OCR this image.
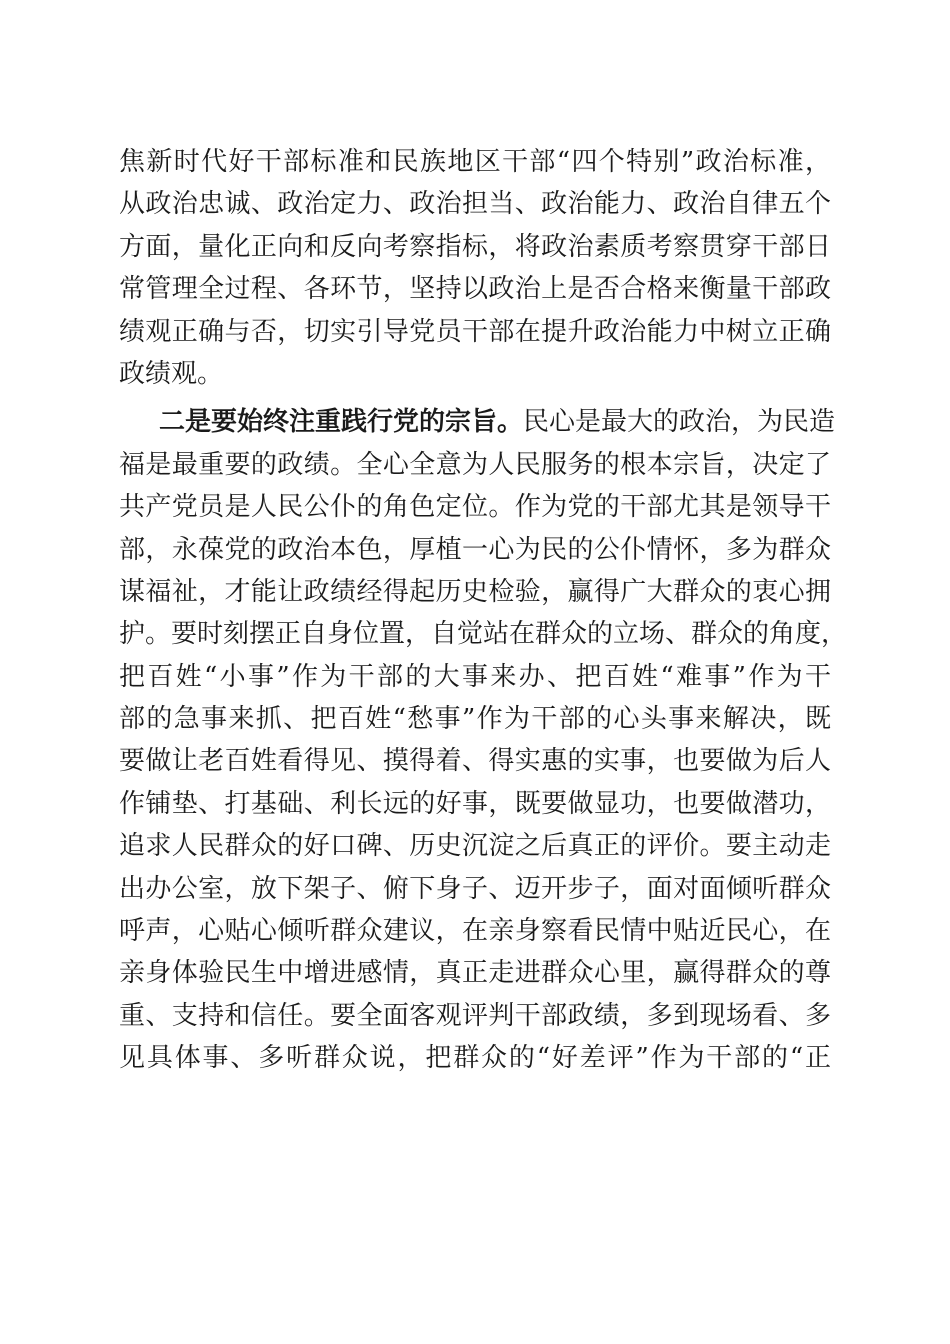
焦新时代好干部标准和民族地区干部“四个特别”政治标准，
从政治忠诚、政治定力、政治担当、政治能力、政治自律五个
方面，量化正向和反向考察指标，将政治素质考察贯穿干部日
常管理全过程、各环节，坚持以政治上是否合格来衡量干部政
绩观正确与否，切实引导党员干部在提升政治能力中树立正确
政绩观。
二是要始终注重践行党的宗旨。民心是最大的政治，为民造
福是最重要的政绩。全心全意为人民服务的根本宗旨，决定了
共产党员是人民公仆的角色定位。作为党的干部尤其是领导干
部，永葆党的政治本色，厚植一心为民的公仆情怀，多为群众
谋福祉，才能让政绩经得起历史检验，赢得广大群众的衷心拥
护。要时刻摆正自身位置，自觉站在群众的立场、群众的角度，
把百姓“小事”作为干部的大事来办、把百姓“难事”作为干
部的急事来抓、把百姓“愁事”作为干部的心头事来解决，既
要做让老百姓看得见、摸得着、得实惠的实事，也要做为后人
作铺垫、打基础、利长远的好事，既要做显功，也要做潜功，
追求人民群众的好口碑、历史沉淀之后真正的评价。要主动走
出办公室，放下架子、俯下身子、迈开步子，面对面倾听群众
呼声，心贴心倾听群众建议，在亲身察看民情中贴近民心，在
亲身体验民生中增进感情，真正走进群众心里，赢得群众的尊
重、支持和信任。要全面客观评判干部政绩，多到现场看、多
见具体事、多听群众说，把群众的“好差评”作为干部的“正
